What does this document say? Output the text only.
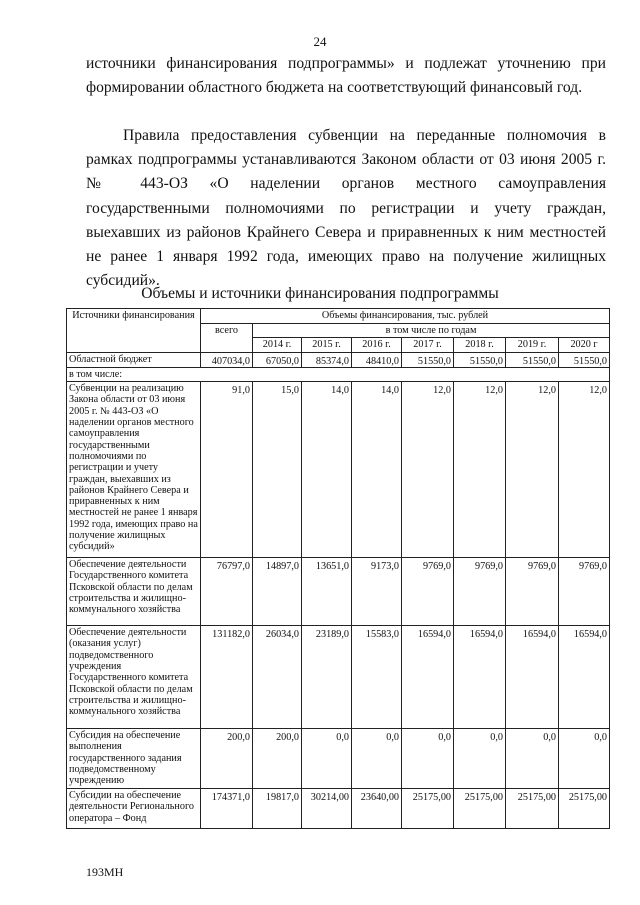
24
источники финансирования подпрограммы» и подлежат уточнению при формировании областного бюджета на соответствующий финансовый год.
Правила предоставления субвенции на переданные полномочия в рамках подпрограммы устанавливаются Законом области от 03 июня 2005 г. № 443-ОЗ «О наделении органов местного самоуправления государственными полномочиями по регистрации и учету граждан, выехавших из районов Крайнего Севера и приравненных к ним местностей не ранее 1 января 1992 года, имеющих право на получение жилищных субсидий».
Объемы и источники финансирования подпрограммы
Источники финансирования	Объемы финансирования, тыс. рублей							
	всего	в том числе по годам						
		2014 г.	2015 г.	2016 г.	2017 г.	2018 г.	2019 г.	2020 г
Областной бюджет	407034,0	67050,0	85374,0	48410,0	51550,0	51550,0	51550,0	51550,0
в том числе:								
Субвенции на реализацию Закона области от 03 июня 2005 г. № 443-ОЗ «О наделении органов местного самоуправления государственными полномочиями по регистрации и учету граждан, выехавших из районов Крайнего Севера и приравненных к ним местностей не ранее 1 января 1992 года, имеющих право на получение жилищных субсидий»	91,0	15,0	14,0	14,0	12,0	12,0	12,0	12,0
Обеспечение деятельности Государственного комитета Псковской области по делам строительства и жилищно-коммунального хозяйства	76797,0	14897,0	13651,0	9173,0	9769,0	9769,0	9769,0	9769,0
Обеспечение деятельности (оказания услуг) подведомственного учреждения Государственного комитета Псковской области по делам строительства и жилищно-коммунального хозяйства	131182,0	26034,0	23189,0	15583,0	16594,0	16594,0	16594,0	16594,0
Субсидия на обеспечение выполнения государственного задания подведомственному учреждению	200,0	200,0	0,0	0,0	0,0	0,0	0,0	0,0
Субсидии на обеспечение деятельности Регионального оператора – Фонд	174371,0	19817,0	30214,00	23640,00	25175,00	25175,00	25175,00	25175,00
193МН
